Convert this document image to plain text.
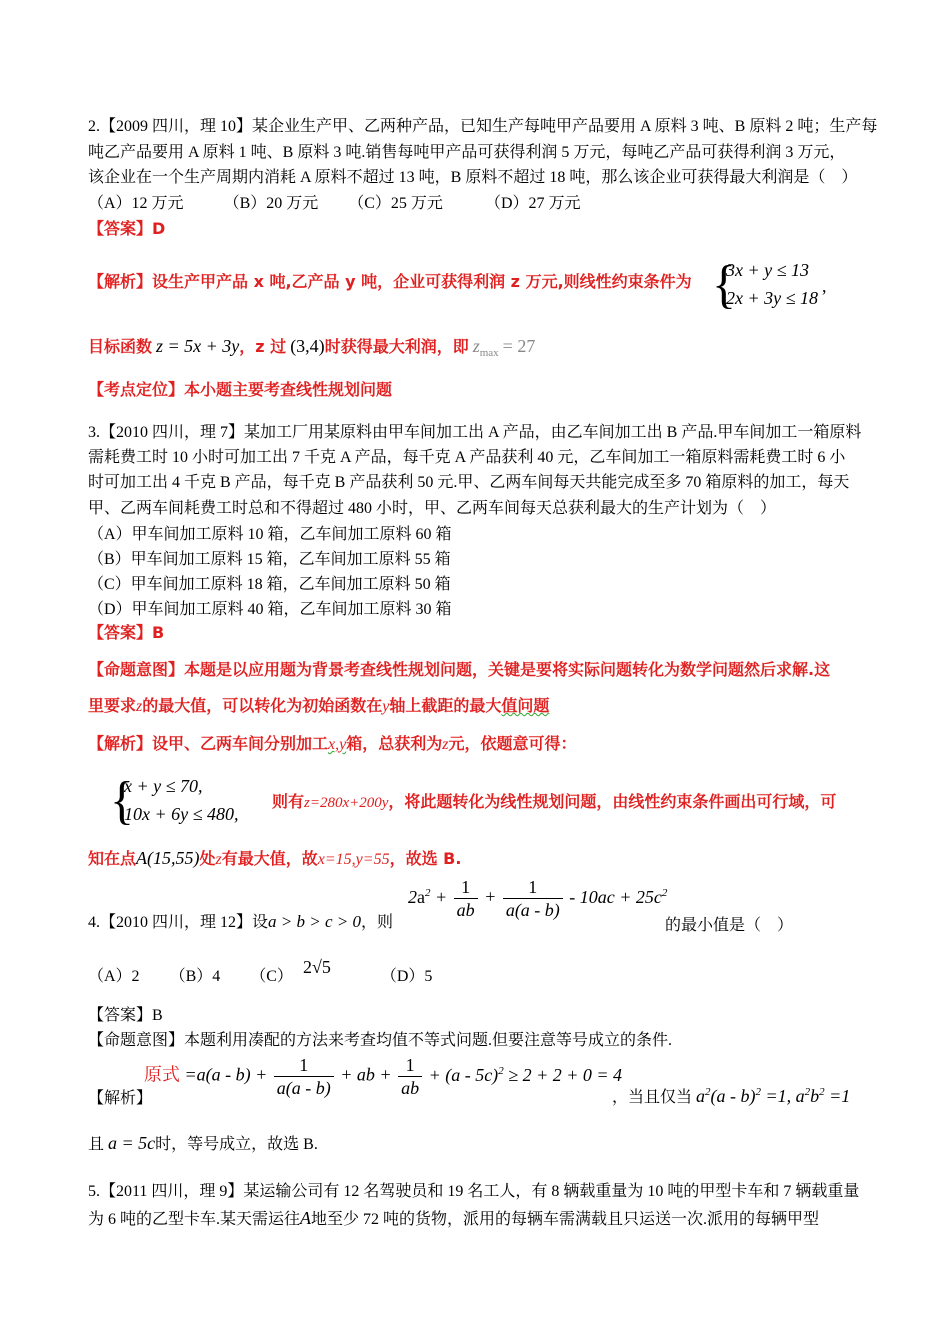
2.【2009 四川，理 10】某企业生产甲、乙两种产品，已知生产每吨甲产品要用 A 原料 3 吨、B 原料 2 吨；生产每
吨乙产品要用 A 原料 1 吨、B 原料 3 吨.销售每吨甲产品可获得利润 5 万元，每吨乙产品可获得利润 3 万元，
该企业在一个生产周期内消耗 A 原料不超过 13 吨，B 原料不超过 18 吨，那么该企业可获得最大利润是（　）
（A）12 万元	（B）20 万元 （C）25 万元	（D）27 万元
【答案】D
【解析】设生产甲产品 x 吨,乙产品 y 吨，企业可获得利润 z 万元,则线性约束条件为 {
3x + y ≤ 13
2x + 3y ≤ 18
,
目标函数 z = 5x + 3y，z 过 (3,4)时获得最大利润，即 $z_{max} = 27$
【考点定位】本小题主要考查线性规划问题
3.【2010 四川，理 7】某加工厂用某原料由甲车间加工出 A 产品，由乙车间加工出 B 产品.甲车间加工一箱原料
需耗费工时 10 小时可加工出 7 千克 A 产品，每千克 A 产品获利 40 元，乙车间加工一箱原料需耗费工时 6 小
时可加工出 4 千克 B 产品，每千克 B 产品获利 50 元.甲、乙两车间每天共能完成至多 70 箱原料的加工，每天
甲、乙两车间耗费工时总和不得超过 480 小时，甲、乙两车间每天总获利最大的生产计划为（　）
（A）甲车间加工原料 10 箱，乙车间加工原料 60 箱
（B）甲车间加工原料 15 箱，乙车间加工原料 55 箱
（C）甲车间加工原料 18 箱，乙车间加工原料 50 箱
（D）甲车间加工原料 40 箱，乙车间加工原料 30 箱
【答案】B
【命题意图】本题是以应用题为背景考查线性规划问题，关键是要将实际问题转化为数学问题然后求解.这
里要求z的最大值，可以转化为初始函数在y轴上截距的最大值问题
【解析】设甲、乙两车间分别加工x,y箱，总获利为z元，依题意可得：
{
x + y ≤ 70,
10x + 6y ≤ 480,
则有z=280x+200y，将此题转化为线性规划问题，由线性约束条件画出可行域，可
知在点A(15,55)处z有最大值，故x=15,y=55，故选 B.
4.【2010 四川，理 12】设a > b > c > 0，则
$2a^2 + \frac{1}{ab} + \frac{1}{a(a - b)} - 10ac + 25c^2$
的最小值是（　）
（A）2 （B）4 （C） 2√5	（D）5
【答案】B
【命题意图】本题利用凑配的方法来考查均值不等式问题.但要注意等号成立的条件.
原式 $=a(a - b) + \frac{1}{a(a - b)}$ + ab + $\frac{1}{ab} + (a - 5c)^2 \ge 2 + 2 + 0 = 4$
【解析】	，当且仅当 $a^2(a - b)^2 =1$, $a^2b^2 =1$
且 a = 5c时，等号成立，故选 B.
5.【2011 四川，理 9】某运输公司有 12 名驾驶员和 19 名工人，有 8 辆载重量为 10 吨的甲型卡车和 7 辆载重量
为 6 吨的乙型卡车.某天需运往A地至少 72 吨的货物，派用的每辆车需满载且只运送一次.派用的每辆甲型
